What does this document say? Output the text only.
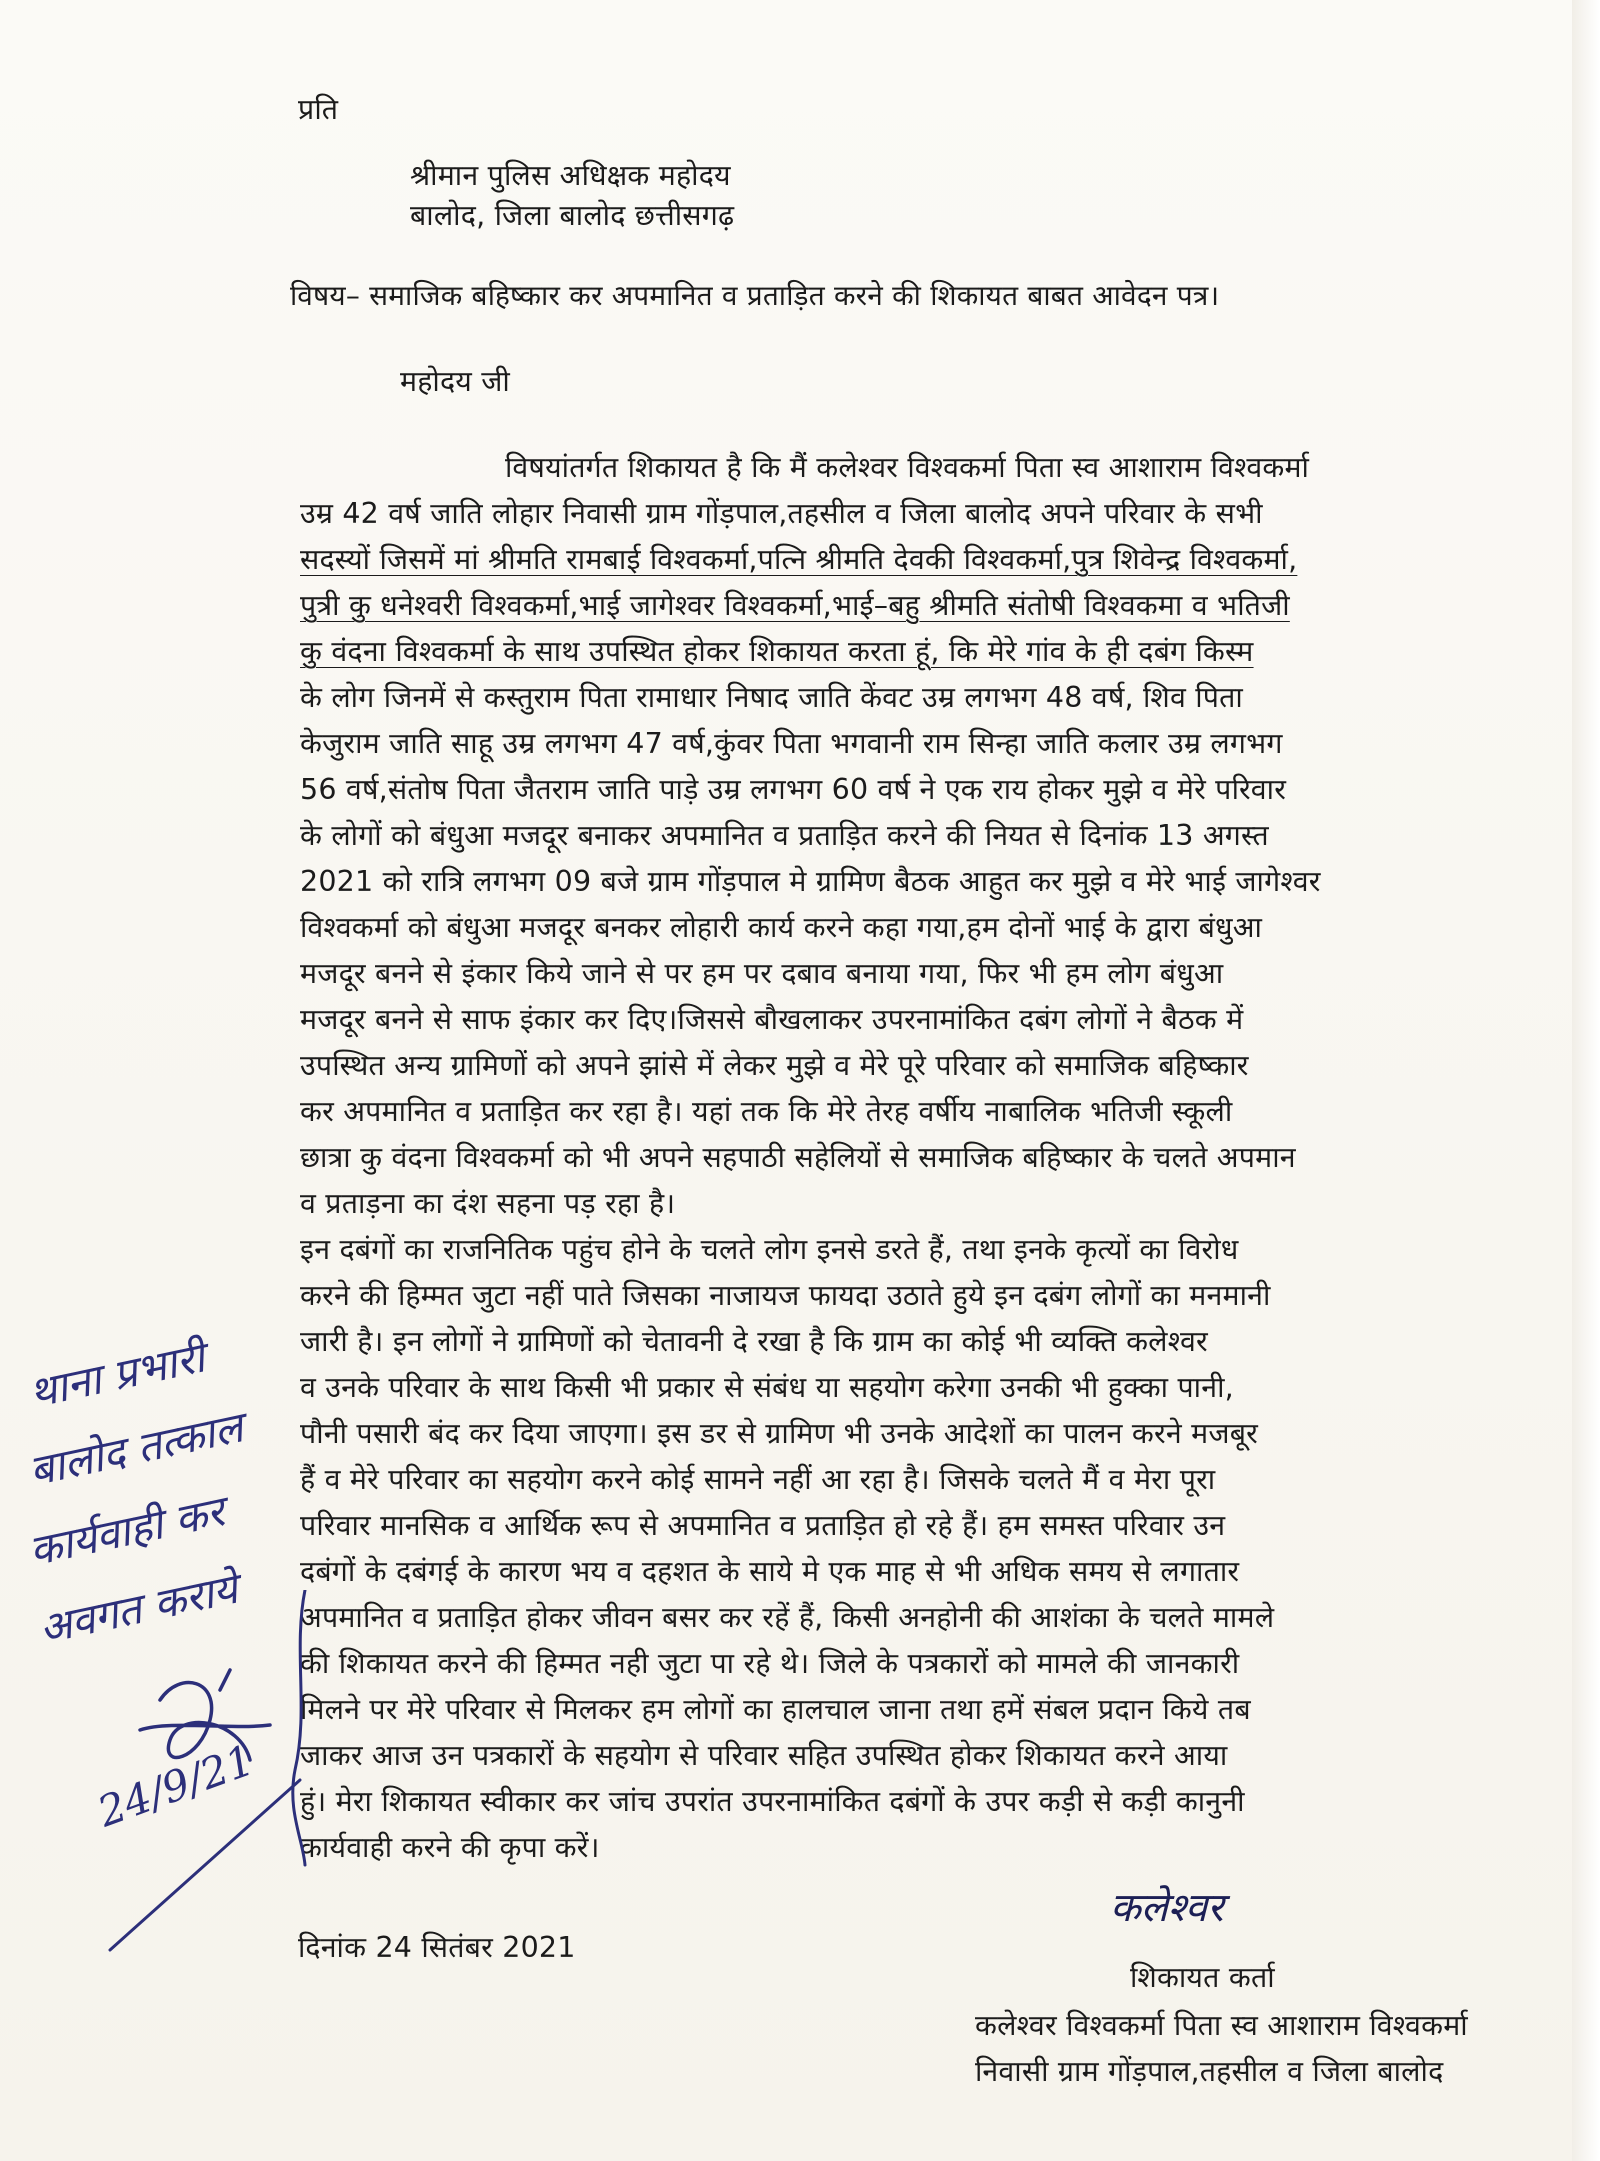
प्रति
श्रीमान पुलिस अधिक्षक महोदय
बालोद, जिला बालोद छत्तीसगढ़
विषय– समाजिक बहिष्कार कर अपमानित व प्रताड़ित करने की शिकायत बाबत आवेदन पत्र।
महोदय जी
विषयांतर्गत शिकायत है कि मैं कलेश्वर विश्वकर्मा पिता स्व आशाराम विश्वकर्मा
उम्र 42 वर्ष जाति लोहार निवासी ग्राम गोंड़पाल,तहसील व जिला बालोद अपने परिवार के सभी
सदस्यों जिसमें मां श्रीमति रामबाई विश्वकर्मा,पत्नि श्रीमति देवकी विश्वकर्मा,पुत्र शिवेन्द्र विश्वकर्मा,
पुत्री कु धनेश्वरी विश्वकर्मा,भाई जागेश्वर विश्वकर्मा,भाई–बहु श्रीमति संतोषी विश्वकमा व भतिजी
कु वंदना विश्वकर्मा के साथ उपस्थित होकर शिकायत करता हूं, कि मेरे गांव के ही दबंग किस्म
के लोग जिनमें से कस्तुराम पिता रामाधार निषाद जाति केंवट उम्र लगभग 48 वर्ष, शिव पिता
केजुराम जाति साहू उम्र लगभग 47 वर्ष,कुंवर पिता भगवानी राम सिन्हा जाति कलार उम्र लगभग
56 वर्ष,संतोष पिता जैतराम जाति पाड़े उम्र लगभग 60 वर्ष ने एक राय होकर मुझे व मेरे परिवार
के लोगों को बंधुआ मजदूर बनाकर अपमानित व प्रताड़ित करने की नियत से दिनांक 13 अगस्त
2021 को रात्रि लगभग 09 बजे ग्राम गोंड़पाल मे ग्रामिण बैठक आहुत कर मुझे व मेरे भाई जागेश्वर
विश्वकर्मा को बंधुआ मजदूर बनकर लोहारी कार्य करने कहा गया,हम दोनों भाई के द्वारा बंधुआ
मजदूर बनने से इंकार किये जाने से पर हम पर दबाव बनाया गया, फिर भी हम लोग बंधुआ
मजदूर बनने से साफ इंकार कर दिए।जिससे बौखलाकर उपरनामांकित दबंग लोगों ने बैठक में
उपस्थित अन्य ग्रामिणों को अपने झांसे में लेकर मुझे व मेरे पूरे परिवार को समाजिक बहिष्कार
कर अपमानित व प्रताड़ित कर रहा है। यहां तक कि मेरे तेरह वर्षीय नाबालिक भतिजी स्कूली
छात्रा कु वंदना विश्वकर्मा को भी अपने सहपाठी सहेलियों से समाजिक बहिष्कार के चलते अपमान
व प्रताड़ना का दंश सहना पड़ रहा है।
इन दबंगों का राजनितिक पहुंच होने के चलते लोग इनसे डरते हैं, तथा इनके कृत्यों का विरोध
करने की हिम्मत जुटा नहीं पाते जिसका नाजायज फायदा उठाते हुये इन दबंग लोगों का मनमानी
जारी है। इन लोगों ने ग्रामिणों को चेतावनी दे रखा है कि ग्राम का कोई भी व्यक्ति कलेश्वर
व उनके परिवार के साथ किसी भी प्रकार से संबंध या सहयोग करेगा उनकी भी हुक्का पानी,
पौनी पसारी बंद कर दिया जाएगा। इस डर से ग्रामिण भी उनके आदेशों का पालन करने मजबूर
हैं व मेरे परिवार का सहयोग करने कोई सामने नहीं आ रहा है। जिसके चलते मैं व मेरा पूरा
परिवार मानसिक व आर्थिक रूप से अपमानित व प्रताड़ित हो रहे हैं। हम समस्त परिवार उन
दबंगों के दबंगई के कारण भय व दहशत के साये मे एक माह से भी अधिक समय से लगातार
अपमानित व प्रताड़ित होकर जीवन बसर कर रहें हैं, किसी अनहोनी की आशंका के चलते मामले
की शिकायत करने की हिम्मत नही जुटा पा रहे थे। जिले के पत्रकारों को मामले की जानकारी
मिलने पर मेरे परिवार से मिलकर हम लोगों का हालचाल जाना तथा हमें संबल प्रदान किये तब
जाकर आज उन पत्रकारों के सहयोग से परिवार सहित उपस्थित होकर शिकायत करने आया
हुं। मेरा शिकायत स्वीकार कर जांच उपरांत उपरनामांकित दबंगों के उपर कड़ी से कड़ी कानुनी
कार्यवाही करने की कृपा करें।
दिनांक 24 सितंबर 2021
कलेश्वर
शिकायत कर्ता
कलेश्वर विश्वकर्मा पिता स्व आशाराम विश्वकर्मा
निवासी ग्राम गोंड़पाल,तहसील व जिला बालोद
थाना प्रभारी
बालोद तत्काल
कार्यवाही कर
अवगत कराये
24/9/21
